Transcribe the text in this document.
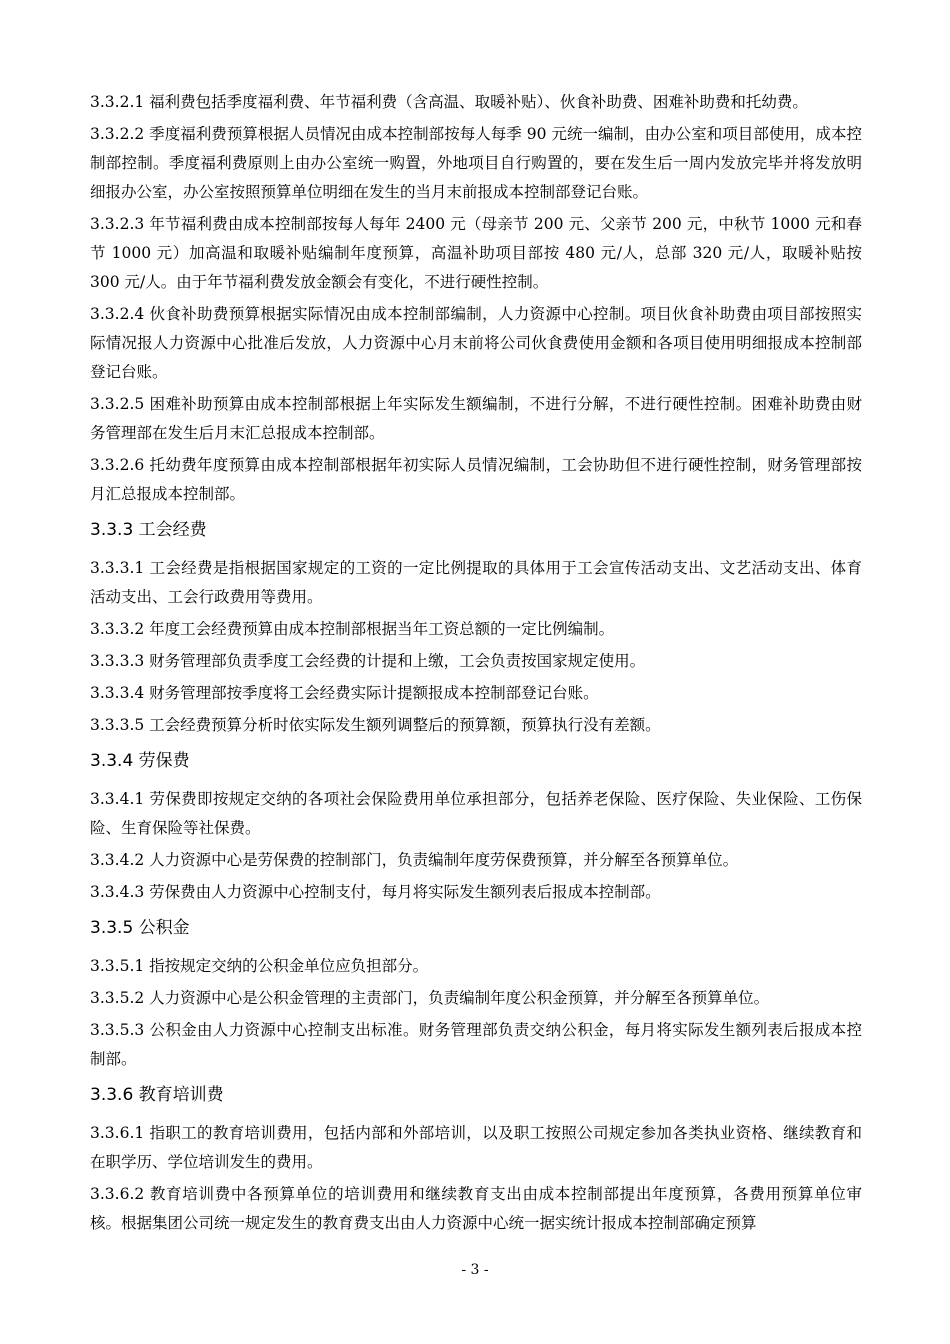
3.3.2.1 福利费包括季度福利费、年节福利费（含高温、取暖补贴）、伙食补助费、困难补助费和托幼费。

3.3.2.2 季度福利费预算根据人员情况由成本控制部按每人每季 90 元统一编制，由办公室和项目部使用，成本控制部控制。季度福利费原则上由办公室统一购置，外地项目自行购置的，要在发生后一周内发放完毕并将发放明细报办公室，办公室按照预算单位明细在发生的当月末前报成本控制部登记台账。

3.3.2.3 年节福利费由成本控制部按每人每年 2400 元（母亲节 200 元、父亲节 200 元，中秋节 1000 元和春节 1000 元）加高温和取暖补贴编制年度预算，高温补助项目部按 480 元/人，总部 320 元/人，取暖补贴按 300 元/人。由于年节福利费发放金额会有变化，不进行硬性控制。

3.3.2.4 伙食补助费预算根据实际情况由成本控制部编制，人力资源中心控制。项目伙食补助费由项目部按照实际情况报人力资源中心批准后发放，人力资源中心月末前将公司伙食费使用金额和各项目使用明细报成本控制部登记台账。

3.3.2.5 困难补助预算由成本控制部根据上年实际发生额编制，不进行分解，不进行硬性控制。困难补助费由财务管理部在发生后月末汇总报成本控制部。

3.3.2.6 托幼费年度预算由成本控制部根据年初实际人员情况编制，工会协助但不进行硬性控制，财务管理部按月汇总报成本控制部。

3.3.3 工会经费

3.3.3.1 工会经费是指根据国家规定的工资的一定比例提取的具体用于工会宣传活动支出、文艺活动支出、体育活动支出、工会行政费用等费用。

3.3.3.2 年度工会经费预算由成本控制部根据当年工资总额的一定比例编制。

3.3.3.3 财务管理部负责季度工会经费的计提和上缴，工会负责按国家规定使用。

3.3.3.4 财务管理部按季度将工会经费实际计提额报成本控制部登记台账。

3.3.3.5 工会经费预算分析时依实际发生额列调整后的预算额，预算执行没有差额。

3.3.4 劳保费

3.3.4.1 劳保费即按规定交纳的各项社会保险费用单位承担部分，包括养老保险、医疗保险、失业保险、工伤保险、生育保险等社保费。

3.3.4.2 人力资源中心是劳保费的控制部门，负责编制年度劳保费预算，并分解至各预算单位。

3.3.4.3 劳保费由人力资源中心控制支付，每月将实际发生额列表后报成本控制部。

3.3.5 公积金

3.3.5.1 指按规定交纳的公积金单位应负担部分。

3.3.5.2 人力资源中心是公积金管理的主责部门，负责编制年度公积金预算，并分解至各预算单位。

3.3.5.3 公积金由人力资源中心控制支出标准。财务管理部负责交纳公积金，每月将实际发生额列表后报成本控制部。

3.3.6 教育培训费

3.3.6.1 指职工的教育培训费用，包括内部和外部培训，以及职工按照公司规定参加各类执业资格、继续教育和在职学历、学位培训发生的费用。

3.3.6.2 教育培训费中各预算单位的培训费用和继续教育支出由成本控制部提出年度预算，各费用预算单位审核。根据集团公司统一规定发生的教育费支出由人力资源中心统一据实统计报成本控制部确定预算

- 3 -
